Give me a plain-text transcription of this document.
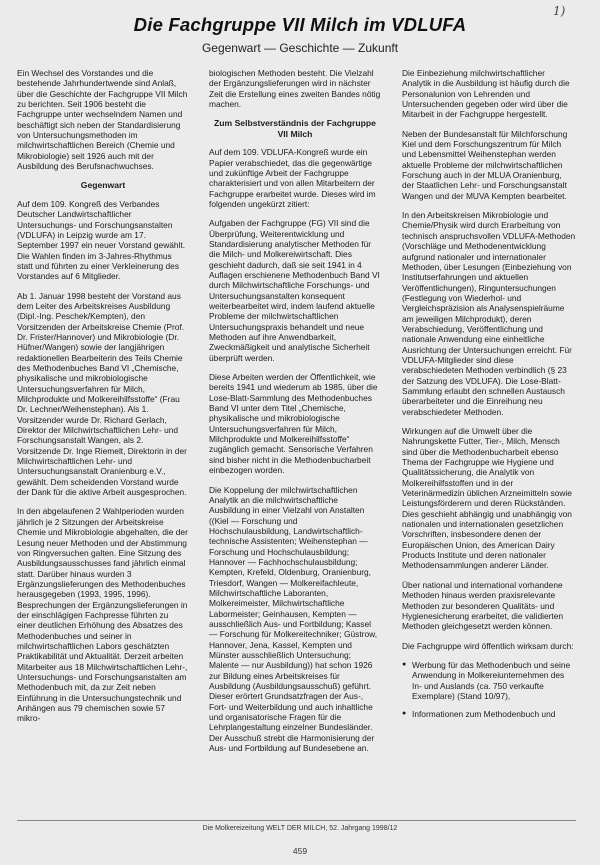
1)
Die Fachgruppe VII Milch im VDLUFA
Gegenwart — Geschichte — Zukunft

Ein Wechsel des Vorstandes und die bestehende Jahrhundertwende sind Anlaß, über die Geschichte der Fachgruppe VII Milch zu berichten. Seit 1906 besteht die Fachgruppe unter wechselndem Namen und beschäftigt sich neben der Standardisierung von Untersuchungsmethoden im milchwirtschaftlichen Bereich (Chemie und Mikrobiologie) seit 1926 auch mit der Ausbildung des Berufsnachwuchses.

Gegenwart

Auf dem 109. Kongreß des Verbandes Deutscher Landwirtschaftlicher Untersuchungs- und Forschungsanstalten (VDLUFA) in Leipzig wurde am 17. September 1997 ein neuer Vorstand gewählt. Die Wahlen finden im 3-Jahres-Rhythmus statt und führten zu einer Verkleinerung des Vorstandes auf 6 Mitglieder.

Ab 1. Januar 1998 besteht der Vorstand aus dem Leiter des Arbeitskreises Ausbildung (Dipl.-Ing. Peschek/Kempten), den Vorsitzenden der Arbeitskreise Chemie (Prof. Dr. Frister/Hannover) und Mikrobiologie (Dr. Hüfner/Wangen) sowie der langjährigen redaktionellen Bearbeiterin des Teils Chemie des Methodenbuches Band VI „Chemische, physikalische und mikrobiologische Untersuchungsverfahren für Milch, Milchprodukte und Molkereihilfsstoffe“ (Frau Dr. Lechner/Weihenstephan). Als 1. Vorsitzender wurde Dr. Richard Gerlach, Direktor der Milchwirtschaftlichen Lehr- und Forschungsanstalt Wangen, als 2. Vorsitzende Dr. Inge Riemelt, Direktorin in der Milchwirtschaftlichen Lehr- und Untersuchungsanstalt Oranienburg e.V., gewählt. Dem scheidenden Vorstand wurde der Dank für die aktive Arbeit ausgesprochen.

In den abgelaufenen 2 Wahlperioden wurden jährlich je 2 Sitzungen der Arbeitskreise Chemie und Mikrobiologie abgehalten, die der Lesung neuer Methoden und der Abstimmung von Ringversuchen galten. Eine Sitzung des Ausbildungsausschusses fand jährlich einmal statt. Darüber hinaus wurden 3 Ergänzungslieferungen des Methodenbuches herausgegeben (1993, 1995, 1996). Besprechungen der Ergänzungslieferungen in der einschlägigen Fachpresse führten zu einer deutlichen Erhöhung des Absatzes des Methodenbuches und seiner in milchwirtschaftlichen Labors geschätzten Praktikabilität und Aktualität. Derzeit arbeiten Mitarbeiter aus 18 Milchwirtschaftlichen Lehr-, Untersuchungs- und Forschungsanstalten am Methodenbuch mit, da zur Zeit neben Einführung in die Untersuchungstechnik und Anhängen aus 79 chemischen sowie 57 mikro-

biologischen Methoden besteht. Die Vielzahl der Ergänzungslieferungen wird in nächster Zeit die Erstellung eines zweiten Bandes nötig machen.

Zum Selbstverständnis der Fachgruppe VII Milch

Auf dem 109. VDLUFA-Kongreß wurde ein Papier verabschiedet, das die gegenwärtige und zukünftige Arbeit der Fachgruppe charakterisiert und von allen Mitarbeitern der Fachgruppe erarbeitet wurde. Dieses wird im folgenden ungekürzt zitiert:

Aufgaben der Fachgruppe (FG) VII sind die Überprüfung, Weiterentwicklung und Standardisierung analytischer Methoden für die Milch- und Molkereiwirtschaft. Dies geschieht dadurch, daß sie seit 1941 in 4 Auflagen erschienene Methodenbuch Band VI durch Milchwirtschaftliche Forschungs- und Untersuchungsanstalten konsequent weiterbearbeitet wird, indem laufend aktuelle Probleme der milchwirtschaftlichen Untersuchungspraxis behandelt und neue Methoden auf ihre Anwendbarkeit, Zweckmäßigkeit und analytische Sicherheit überprüft werden.

Diese Arbeiten werden der Öffentlichkeit, wie bereits 1941 und wiederum ab 1985, über die Lose-Blatt-Sammlung des Methodenbuches Band VI unter dem Titel „Chemische, physikalische und mikrobiologische Untersuchungsverfahren für Milch, Milchprodukte und Molkereihilfsstoffe“ zugänglich gemacht. Sensorische Verfahren sind bisher nicht in die Methodenbucharbeit einbezogen worden.

Die Koppelung der milchwirtschaftlichen Analytik an die milchwirtschaftliche Ausbildung in einer Vielzahl von Anstalten ((Kiel — Forschung und Hochschulausbildung, Landwirtschaftlich-technische Assistenten; Weihenstephan — Forschung und Hochschulausbildung; Hannover — Fachhochschulausbildung; Kempten, Krefeld, Oldenburg, Oranienburg, Triesdorf, Wangen — Molkereifachleute, Milchwirtschaftliche Laboranten, Molkereimeister, Milchwirtschaftliche Labormeister; Geinhausen, Kempten — ausschließlich Aus- und Fortbildung; Kassel — Forschung für Molkereitechniker; Güstrow, Hannover, Jena, Kassel, Kempten und Münster ausschließlich Untersuchung; Malente — nur Ausbildung)) hat schon 1926 zur Bildung eines Arbeitskreises für Ausbildung (Ausbildungsausschuß) geführt. Dieser erörtert Grundsatzfragen der Aus-, Fort- und Weiterbildung und auch inhaltliche und organisatorische Fragen für die Lehrplangestaltung einzelner Bundesländer. Der Ausschuß strebt die Harmonisierung der Aus- und Fortbildung auf Bundesebene an.

Die Einbeziehung milchwirtschaftlicher Analytik in die Ausbildung ist häufig durch die Personalunion von Lehrenden und Untersuchenden gegeben oder wird über die Mitarbeit in der Fachgruppe hergestellt.

Neben der Bundesanstalt für Milchforschung Kiel und dem Forschungszentrum für Milch und Lebensmittel Weihenstephan werden aktuelle Probleme der milchwirtschaftlichen Forschung auch in der MLUA Oranienburg, der Staatlichen Lehr- und Forschungsanstalt Wangen und der MUVA Kempten bearbeitet.

In den Arbeitskreisen Mikrobiologie und Chemie/Physik wird durch Erarbeitung von technisch anspruchsvollen VDLUFA-Methoden (Vorschläge und Methodenentwicklung aufgrund nationaler und internationaler Methoden, über Lesungen (Einbeziehung von Institutserfahrungen und aktuellen Veröffentlichungen), Ringuntersuchungen (Festlegung von Wiederhol- und Vergleichspräzision als Analysenspielräume am jeweiligen Milchprodukt), deren Verabschiedung, Veröffentlichung und nationale Anwendung eine einheitliche Ausrichtung der Untersuchungen erreicht. Für VDLUFA-Mitglieder sind diese verabschiedeten Methoden verbindlich (§ 23 der Satzung des VDLUFA). Die Lose-Blatt-Sammlung erlaubt den schnellen Austausch überarbeiteter und die Einreihung neu verabschiedeter Methoden.

Wirkungen auf die Umwelt über die Nahrungskette Futter, Tier-, Milch, Mensch sind über die Methodenbucharbeit ebenso Thema der Fachgruppe wie Hygiene und Qualitätssicherung, die Analytik von Molkereihilfsstoffen und in der Veterinärmedizin üblichen Arzneimitteln sowie Leistungsförderern und deren Rückständen. Dies geschieht abhängig und unabhängig von nationalen und internationalen gesetzlichen Vorschriften, insbesondere denen der Europäischen Union, des American Dairy Products Institute und deren nationaler Methodensammlungen anderer Länder.

Über national und international vorhandene Methoden hinaus werden praxisrelevante Methoden zur besonderen Qualitäts- und Hygienesicherung erarbeitet, die validierten Methoden gleichgesetzt werden können.

Die Fachgruppe wird öffentlich wirksam durch:

● Werbung für das Methodenbuch und seine Anwendung in Molkereiunternehmen des In- und Auslands (ca. 750 verkaufte Exemplare) (Stand 10/97),
● Informationen zum Methodenbuch und
Die Molkereizeitung WELT DER MILCH, 52. Jahrgang 1998/12
459
